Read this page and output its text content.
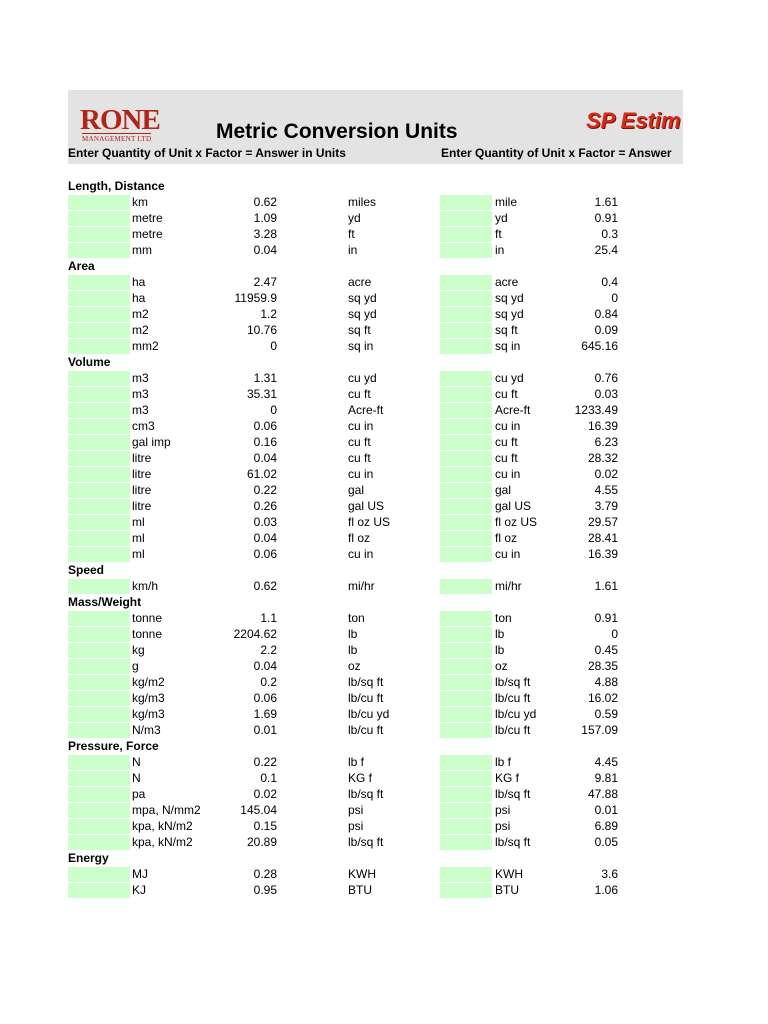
RONE
MANAGEMENT LTD	Metric Conversion Units	SP Estim
Enter Quantity of Unit x Factor = Answer in Units	Enter Quantity of Unit x Factor = Answer
Length, Distance
km	0.62	miles	mile	1.61
metre	1.09	yd	yd	0.91
metre	3.28	ft	ft	0.3
mm	0.04	in	in	25.4
Area
ha	2.47	acre	acre	0.4
ha	11959.9	sq yd	sq yd	0
m2	1.2	sq yd	sq yd	0.84
m2	10.76	sq ft	sq ft	0.09
mm2	0	sq in	sq in	645.16
Volume
m3	1.31	cu yd	cu yd	0.76
m3	35.31	cu ft	cu ft	0.03
m3	0	Acre-ft	Acre-ft	1233.49
cm3	0.06	cu in	cu in	16.39
gal imp	0.16	cu ft	cu ft	6.23
litre	0.04	cu ft	cu ft	28.32
litre	61.02	cu in	cu in	0.02
litre	0.22	gal	gal	4.55
litre	0.26	gal US	gal US	3.79
ml	0.03	fl oz US	fl oz US	29.57
ml	0.04	fl oz	fl oz	28.41
ml	0.06	cu in	cu in	16.39
Speed
km/h	0.62	mi/hr	mi/hr	1.61
Mass/Weight
tonne	1.1	ton	ton	0.91
tonne	2204.62	lb	lb	0
kg	2.2	lb	lb	0.45
g	0.04	oz	oz	28.35
kg/m2	0.2	lb/sq ft	lb/sq ft	4.88
kg/m3	0.06	lb/cu ft	lb/cu ft	16.02
kg/m3	1.69	lb/cu yd	lb/cu yd	0.59
N/m3	0.01	lb/cu ft	lb/cu ft	157.09
Pressure, Force
N	0.22	lb f	lb f	4.45
N	0.1	KG f	KG f	9.81
pa	0.02	lb/sq ft	lb/sq ft	47.88
mpa, N/mm2	145.04	psi	psi	0.01
kpa, kN/m2	0.15	psi	psi	6.89
kpa, kN/m2	20.89	lb/sq ft	lb/sq ft	0.05
Energy
MJ	0.28	KWH	KWH	3.6
KJ	0.95	BTU	BTU	1.06
